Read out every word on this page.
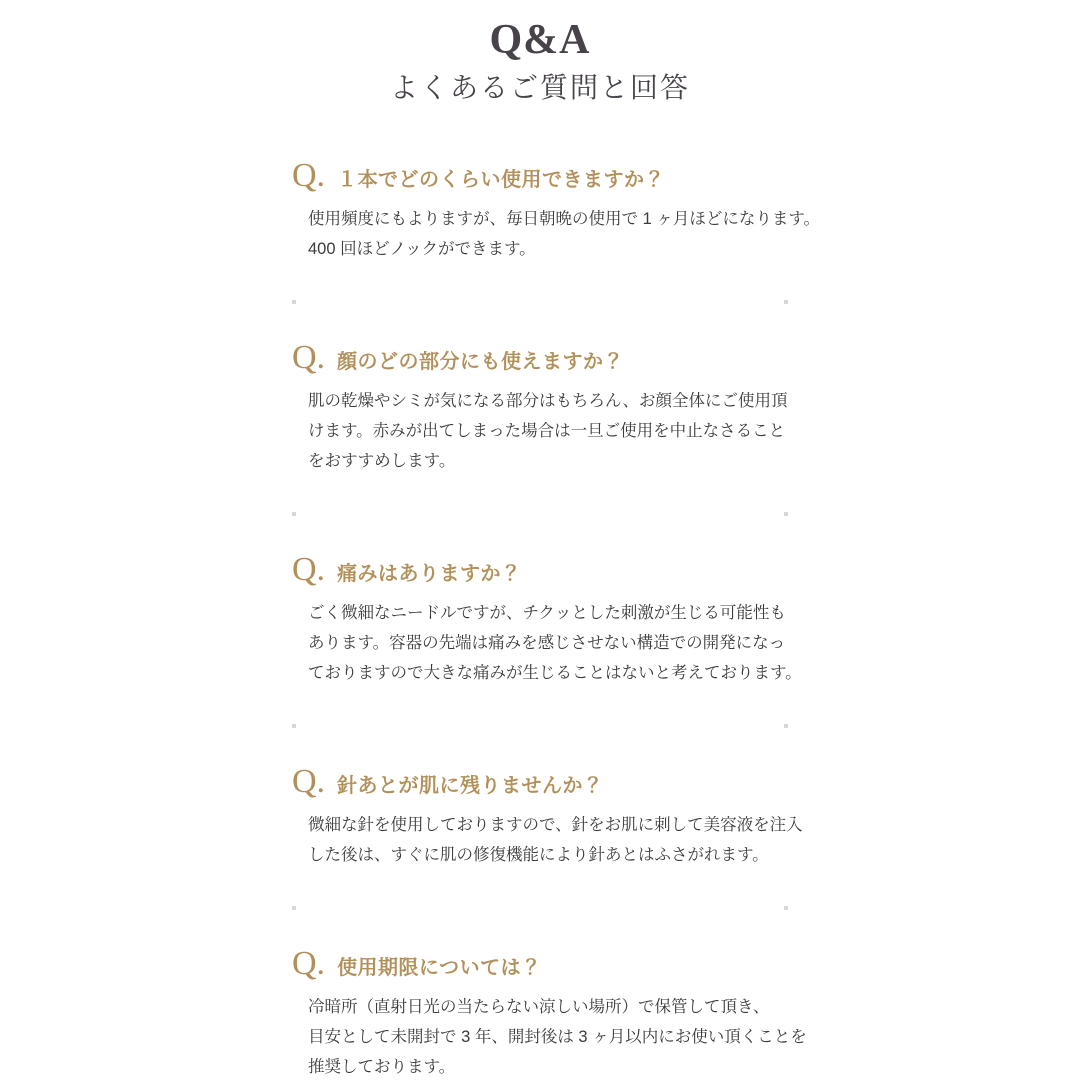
Q&A
よくあるご質問と回答
Q. １本でどのくらい使用できますか？
使用頻度にもよりますが、毎日朝晩の使用で 1 ヶ月ほどになります。
400 回ほどノックができます。
Q. 顔のどの部分にも使えますか？
肌の乾燥やシミが気になる部分はもちろん、お顔全体にご使用頂
けます。赤みが出てしまった場合は一旦ご使用を中止なさること
をおすすめします。
Q. 痛みはありますか？
ごく微細なニードルですが、チクッとした刺激が生じる可能性も
あります。容器の先端は痛みを感じさせない構造での開発になっ
ておりますので大きな痛みが生じることはないと考えております。
Q. 針あとが肌に残りませんか？
微細な針を使用しておりますので、針をお肌に刺して美容液を注入
した後は、すぐに肌の修復機能により針あとはふさがれます。
Q. 使用期限については？
冷暗所（直射日光の当たらない涼しい場所）で保管して頂き、
目安として未開封で 3 年、開封後は 3 ヶ月以内にお使い頂くことを
推奨しております。
